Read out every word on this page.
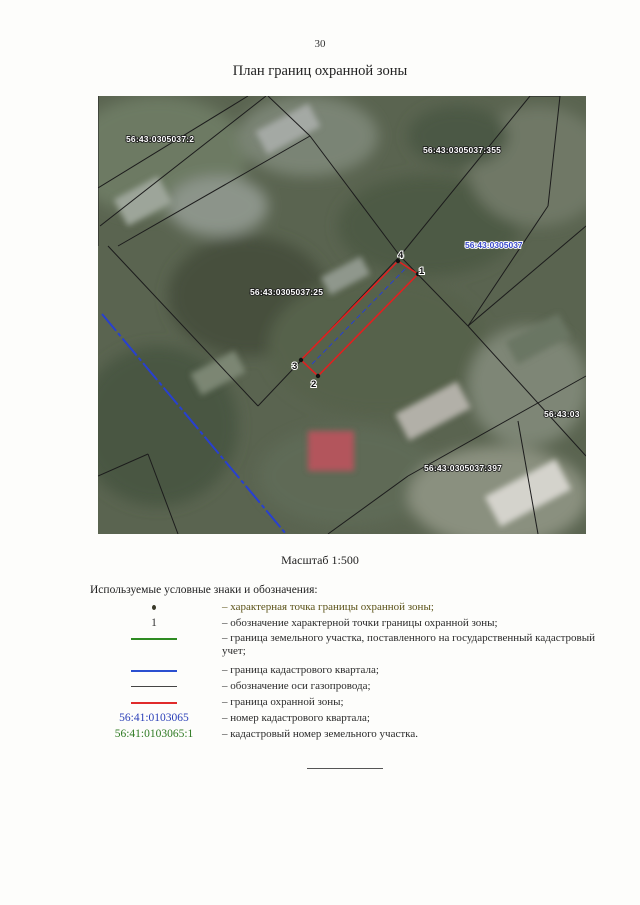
30
План границ охранной зоны
56:43:0305037:2
56:43:0305037:355
56:43:0305037:25
56:43:0305037:397
56:43:03
56:43:0305037
1
2
3
4
Масштаб 1:500
Используемые условные знаки и обозначения:
– характерная точка границы охранной зоны;
1	– обозначение характерной точки границы охранной зоны;
– граница земельного участка, поставленного на государственный кадастровый учет;
– граница кадастрового квартала;
– обозначение оси газопровода;
– граница охранной зоны;
56:41:0103065	– номер кадастрового квартала;
56:41:0103065:1	– кадастровый номер земельного участка.
